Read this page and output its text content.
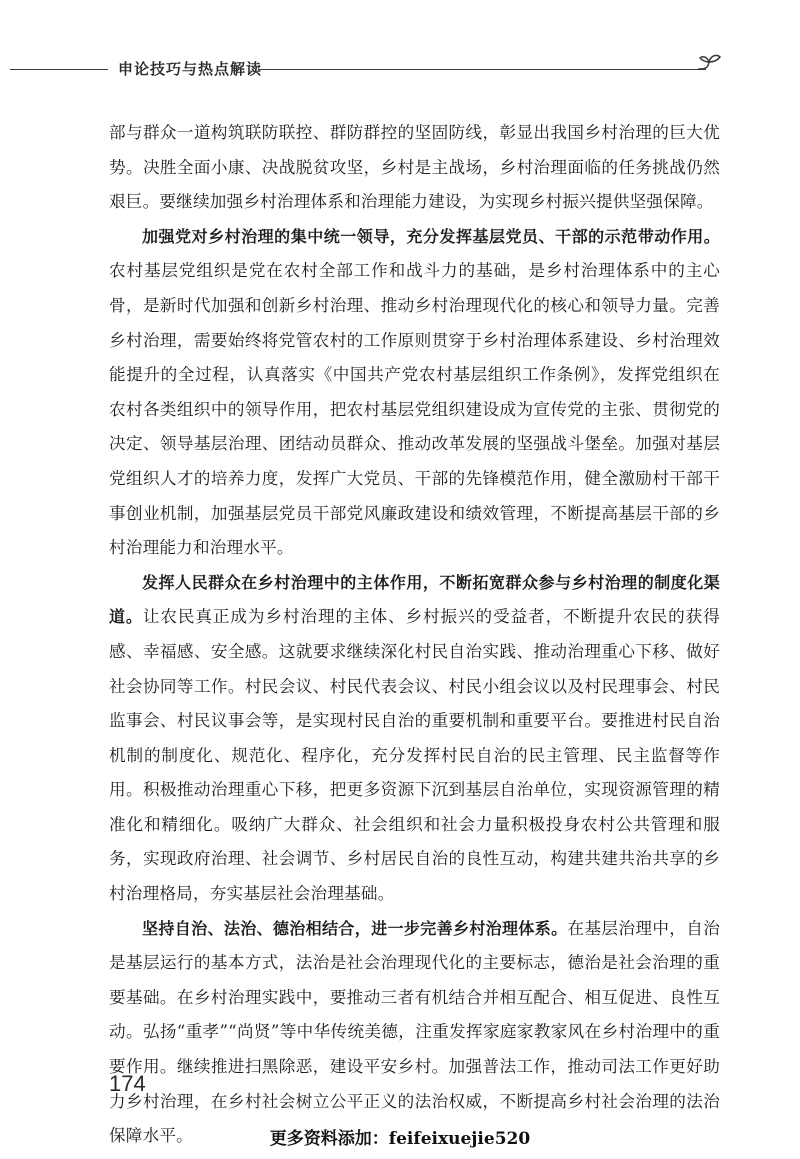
申论技巧与热点解读

部与群众一道构筑联防联控、群防群控的坚固防线，彰显出我国乡村治理的巨大优势。决胜全面小康、决战脱贫攻坚，乡村是主战场，乡村治理面临的任务挑战仍然艰巨。要继续加强乡村治理体系和治理能力建设，为实现乡村振兴提供坚强保障。

加强党对乡村治理的集中统一领导，充分发挥基层党员、干部的示范带动作用。农村基层党组织是党在农村全部工作和战斗力的基础，是乡村治理体系中的主心骨，是新时代加强和创新乡村治理、推动乡村治理现代化的核心和领导力量。完善乡村治理，需要始终将党管农村的工作原则贯穿于乡村治理体系建设、乡村治理效能提升的全过程，认真落实《中国共产党农村基层组织工作条例》，发挥党组织在农村各类组织中的领导作用，把农村基层党组织建设成为宣传党的主张、贯彻党的决定、领导基层治理、团结动员群众、推动改革发展的坚强战斗堡垒。加强对基层党组织人才的培养力度，发挥广大党员、干部的先锋模范作用，健全激励村干部干事创业机制，加强基层党员干部党风廉政建设和绩效管理，不断提高基层干部的乡村治理能力和治理水平。

发挥人民群众在乡村治理中的主体作用，不断拓宽群众参与乡村治理的制度化渠道。让农民真正成为乡村治理的主体、乡村振兴的受益者，不断提升农民的获得感、幸福感、安全感。这就要求继续深化村民自治实践、推动治理重心下移、做好社会协同等工作。村民会议、村民代表会议、村民小组会议以及村民理事会、村民监事会、村民议事会等，是实现村民自治的重要机制和重要平台。要推进村民自治机制的制度化、规范化、程序化，充分发挥村民自治的民主管理、民主监督等作用。积极推动治理重心下移，把更多资源下沉到基层自治单位，实现资源管理的精准化和精细化。吸纳广大群众、社会组织和社会力量积极投身农村公共管理和服务，实现政府治理、社会调节、乡村居民自治的良性互动，构建共建共治共享的乡村治理格局，夯实基层社会治理基础。

坚持自治、法治、德治相结合，进一步完善乡村治理体系。在基层治理中，自治是基层运行的基本方式，法治是社会治理现代化的主要标志，德治是社会治理的重要基础。在乡村治理实践中，要推动三者有机结合并相互配合、相互促进、良性互动。弘扬“重孝”“尚贤”等中华传统美德，注重发挥家庭家教家风在乡村治理中的重要作用。继续推进扫黑除恶，建设平安乡村。加强普法工作，推动司法工作更好助力乡村治理，在乡村社会树立公平正义的法治权威，不断提高乡村社会治理的法治保障水平。

174
更多资料添加：feifeixuejie520
